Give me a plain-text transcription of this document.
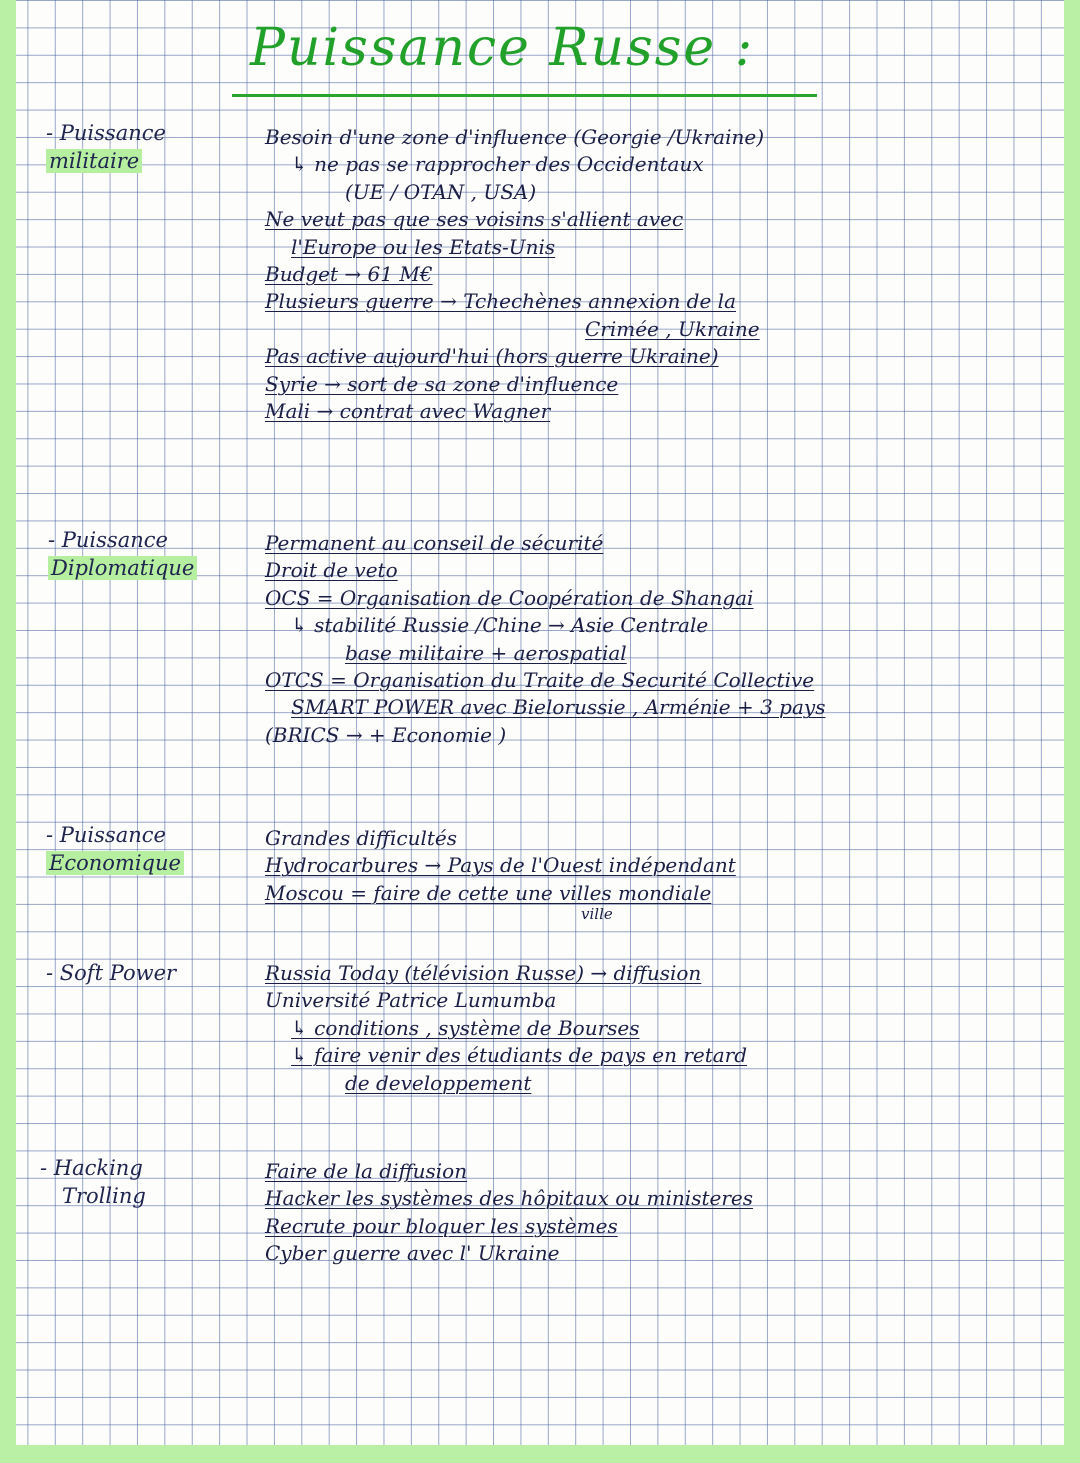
Puissance Russe :
- Puissance
militaire
Besoin d'une zone d'influence (Georgie /Ukraine)
↳ ne pas se rapprocher des Occidentaux
(UE / OTAN , USA)
Ne veut pas que ses voisins s'allient avec
l'Europe ou les Etats-Unis
Budget → 61 M€
Plusieurs guerre → Tchechènes annexion de la
Crimée , Ukraine
Pas active aujourd'hui (hors guerre Ukraine)
Syrie → sort de sa zone d'influence
Mali → contrat avec Wagner
- Puissance
Diplomatique
Permanent au conseil de sécurité
Droit de veto
OCS = Organisation de Coopération de Shangai
↳ stabilité Russie /Chine → Asie Centrale
base militaire + aerospatial
OTCS = Organisation du Traite de Securité Collective
SMART POWER avec Bielorussie , Arménie + 3 pays
(BRICS → + Economie )
- Puissance
Economique
Grandes difficultés
Hydrocarbures → Pays de l'Ouest indépendant
Moscou = faire de cette une villes mondiale
ville
- Soft Power	Russia Today (télévision Russe) → diffusion
Université Patrice Lumumba
↳ conditions , système de Bourses
↳ faire venir des étudiants de pays en retard
de developpement
- Hacking
Trolling
Faire de la diffusion
Hacker les systèmes des hôpitaux ou ministeres
Recrute pour bloquer les systèmes
Cyber guerre avec l' Ukraine
